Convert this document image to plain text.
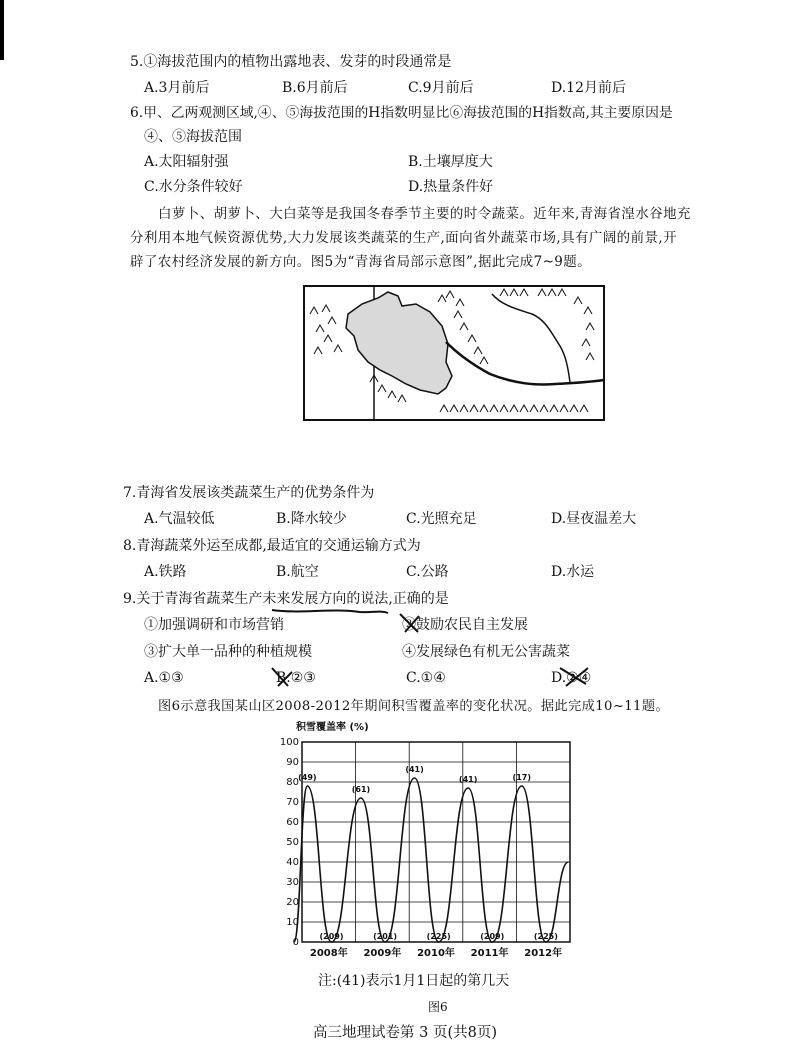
5.①海拔范围内的植物出露地表、发芽的时段通常是
A.3月前后	B.6月前后	C.9月前后	D.12月前后
6.甲、乙两观测区域,④、⑤海拔范围的H指数明显比⑥海拔范围的H指数高,其主要原因是
④、⑤海拔范围
A.太阳辐射强	B.土壤厚度大
C.水分条件较好	D.热量条件好
白萝卜、胡萝卜、大白菜等是我国冬春季节主要的时令蔬菜。近年来,青海省湟水谷地充
分利用本地气候资源优势,大力发展该类蔬菜的生产,面向省外蔬菜市场,具有广阔的前景,开
辟了农村经济发展的新方向。图5为“青海省局部示意图”,据此完成7~9题。
7.青海省发展该类蔬菜生产的优势条件为
A.气温较低	B.降水较少	C.光照充足	D.昼夜温差大
8.青海蔬菜外运至成都,最适宜的交通运输方式为
A.铁路	B.航空	C.公路	D.水运
9.关于青海省蔬菜生产未来发展方向的说法,正确的是
①加强调研和市场营销	②鼓励农民自主发展
③扩大单一品种的种植规模	④发展绿色有机无公害蔬菜
A.①③	B.②③	C.①④	D.②④
图6示意我国某山区2008-2012年期间积雪覆盖率的变化状况。据此完成10~11题。
积雪覆盖率 (%)
0
10
20
30
40
50
60
70
80
90
100
2008年 2009年 2010年 2011年 2012年
(49)
(209)
(61)
(201)
(41)
(225)
(41)
(209)
(17)
(225)
注:(41)表示1月1日起的第几天
图6
高三地理试卷第 3 页(共8页)
